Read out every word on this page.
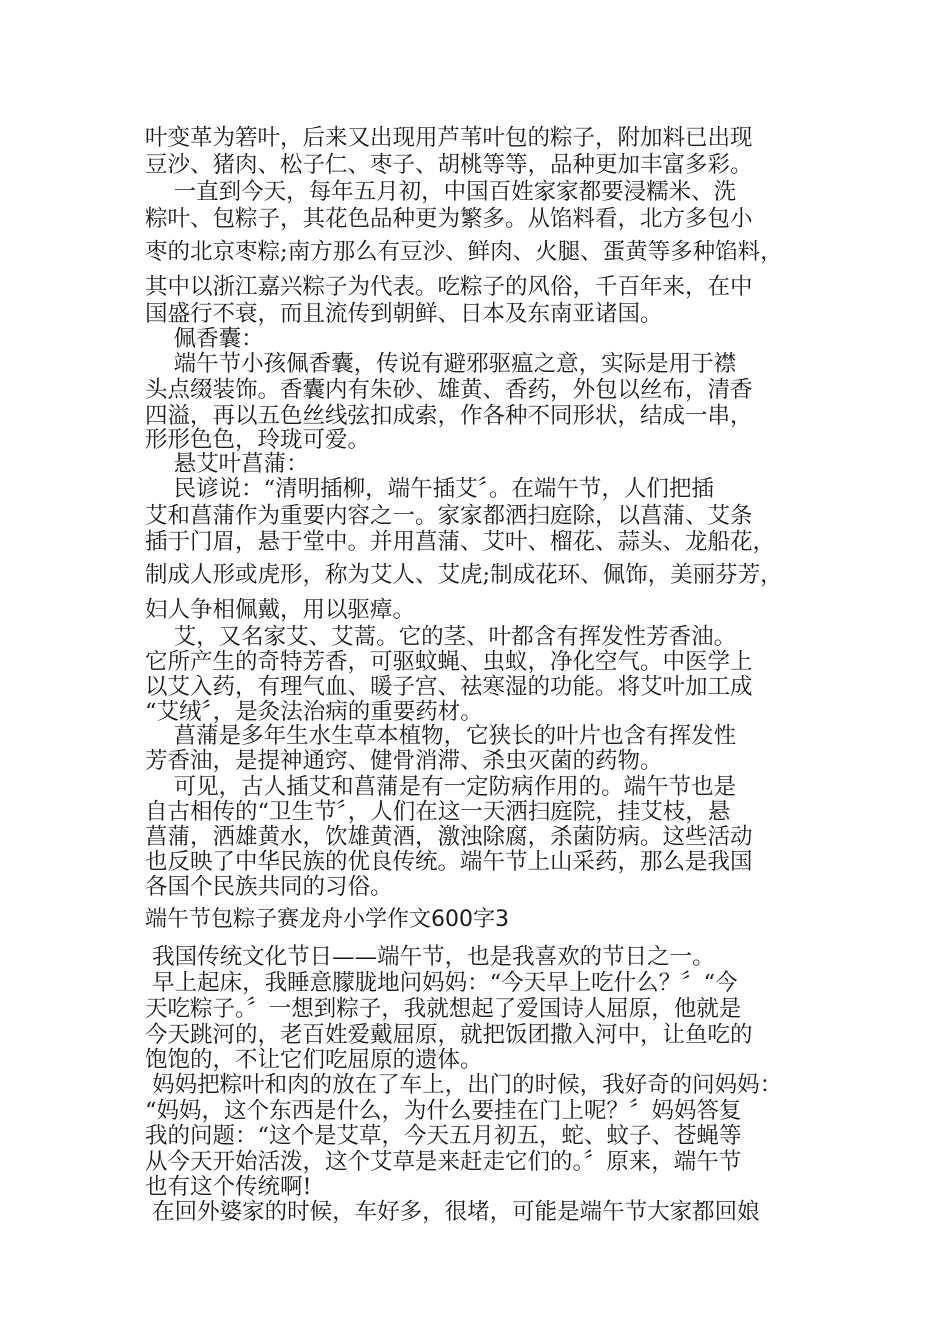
叶变革为箬叶，后来又出现用芦苇叶包的粽子，附加料已出现
豆沙、猪肉、松子仁、枣子、胡桃等等，品种更加丰富多彩。
一直到今天，每年五月初，中国百姓家家都要浸糯米、洗
粽叶、包粽子，其花色品种更为繁多。从馅料看，北方多包小
枣的北京枣粽;南方那么有豆沙、鲜肉、火腿、蛋黄等多种馅料，
其中以浙江嘉兴粽子为代表。吃粽子的风俗，千百年来，在中
国盛行不衰，而且流传到朝鲜、日本及东南亚诸国。
佩香囊：
端午节小孩佩香囊，传说有避邪驱瘟之意，实际是用于襟
头点缀装饰。香囊内有朱砂、雄黄、香药，外包以丝布，清香
四溢，再以五色丝线弦扣成索，作各种不同形状，结成一串，
形形色色，玲珑可爱。
悬艾叶菖蒲：
民谚说：“清明插柳，端午插艾〞。在端午节，人们把插
艾和菖蒲作为重要内容之一。家家都洒扫庭除，以菖蒲、艾条
插于门眉，悬于堂中。并用菖蒲、艾叶、榴花、蒜头、龙船花，
制成人形或虎形，称为艾人、艾虎;制成花环、佩饰，美丽芬芳，
妇人争相佩戴，用以驱瘴。
艾，又名家艾、艾蒿。它的茎、叶都含有挥发性芳香油。
它所产生的奇特芳香，可驱蚊蝇、虫蚁，净化空气。中医学上
以艾入药，有理气血、暖子宫、祛寒湿的功能。将艾叶加工成
“艾绒〞，是灸法治病的重要药材。
菖蒲是多年生水生草本植物，它狭长的叶片也含有挥发性
芳香油，是提神通窍、健骨消滞、杀虫灭菌的药物。
可见，古人插艾和菖蒲是有一定防病作用的。端午节也是
自古相传的“卫生节〞，人们在这一天洒扫庭院，挂艾枝，悬
菖蒲，洒雄黄水，饮雄黄酒，激浊除腐，杀菌防病。这些活动
也反映了中华民族的优良传统。端午节上山采药，那么是我国
各国个民族共同的习俗。
端午节包粽子赛龙舟小学作文600字3
我国传统文化节日——端午节，也是我喜欢的节日之一。
早上起床，我睡意朦胧地问妈妈：“今天早上吃什么？〞“今
天吃粽子。〞一想到粽子，我就想起了爱国诗人屈原，他就是
今天跳河的，老百姓爱戴屈原，就把饭团撒入河中，让鱼吃的
饱饱的，不让它们吃屈原的遗体。
妈妈把粽叶和肉的放在了车上，出门的时候，我好奇的问妈妈：
“妈妈，这个东西是什么，为什么要挂在门上呢？〞妈妈答复
我的问题：“这个是艾草，今天五月初五，蛇、蚊子、苍蝇等
从今天开始活泼，这个艾草是来赶走它们的。〞原来，端午节
也有这个传统啊!
在回外婆家的时候，车好多，很堵，可能是端午节大家都回娘
